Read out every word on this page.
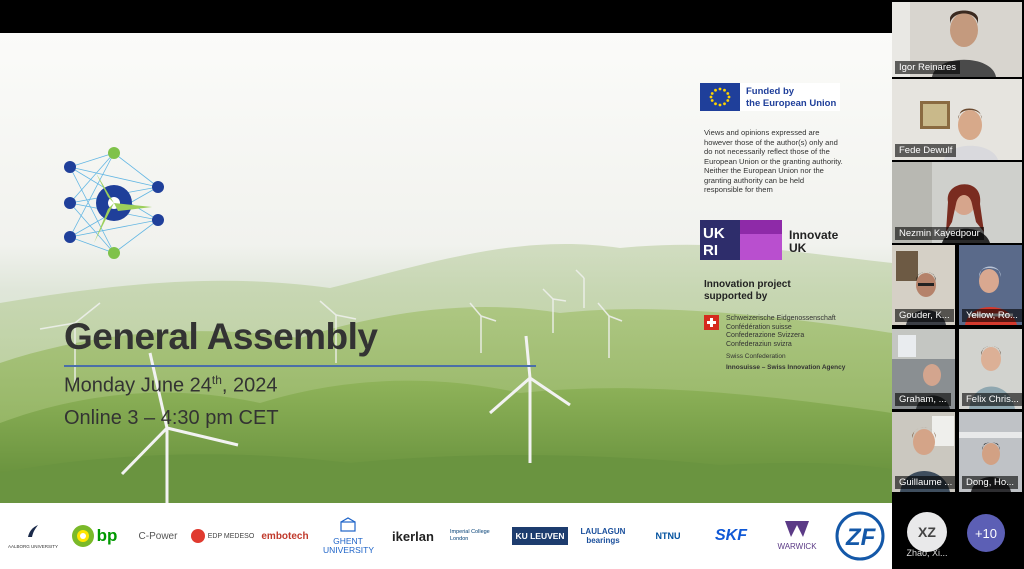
General Assembly
Monday June 24th, 2024
Online 3 – 4:30 pm CET
Funded by
the European Union
Views and opinions expressed are however those of the author(s) only and do not necessarily reflect those of the European Union or the granting authority. Neither the European Union nor the granting authority can be held responsible for them
UK
RI
Innovate
UK
Innovation project supported by
Schweizerische Eidgenossenschaft
Confédération suisse
Confederazione Svizzera
Confederaziun svizra
Swiss Confederation
Innosuisse – Swiss Innovation Agency
AALBORG UNIVERSITY
bp C-Power	EDP MEDESO embotech	GHENT UNIVERSITY
ikerlan	Imperial College London	KU LEUVEN	LAULAGUN bearings	NTNU SKF
WARWICK ZF
Igor Reinares
Fede Dewulf
Nezmin Kayedpour
Gouder, K...	Yellow, Ro...
Graham, ...	Felix Chris...
Guillaume ...	Dong, Ho...
XZ
Zhao, Xi...
+10
